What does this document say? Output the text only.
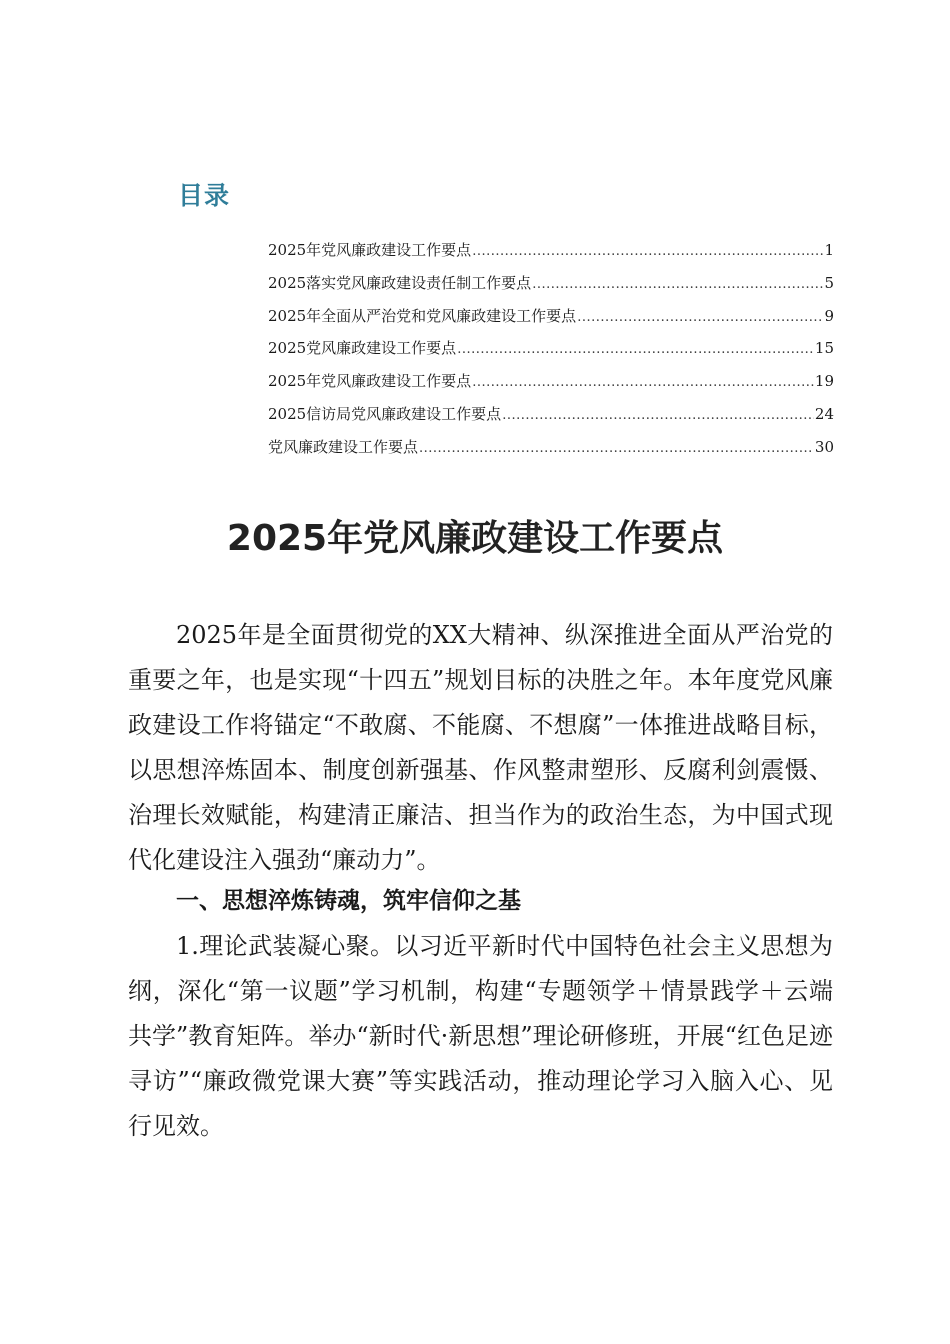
目录
2025年党风廉政建设工作要点 .....	1
2025落实党风廉政建设责任制工作要点 .....	5
2025年全面从严治党和党风廉政建设工作要点 .....	9
2025党风廉政建设工作要点 .....	15
2025年党风廉政建设工作要点 .....	19
2025信访局党风廉政建设工作要点 .....	24
党风廉政建设工作要点 .....	30
2025年党风廉政建设工作要点

2025年是全面贯彻党的XX大精神、纵深推进全面从严治党的重要之年，也是实现“十四五”规划目标的决胜之年。本年度党风廉政建设工作将锚定“不敢腐、不能腐、不想腐”一体推进战略目标，以思想淬炼固本、制度创新强基、作风整肃塑形、反腐利剑震慑、治理长效赋能，构建清正廉洁、担当作为的政治生态，为中国式现代化建设注入强劲“廉动力”。

一、思想淬炼铸魂，筑牢信仰之基

1.理论武装凝心聚。以习近平新时代中国特色社会主义思想为纲，深化“第一议题”学习机制，构建“专题领学＋情景践学＋云端共学”教育矩阵。举办“新时代·新思想”理论研修班，开展“红色足迹寻访”“廉政微党课大赛”等实践活动，推动理论学习入脑入心、见行见效。
